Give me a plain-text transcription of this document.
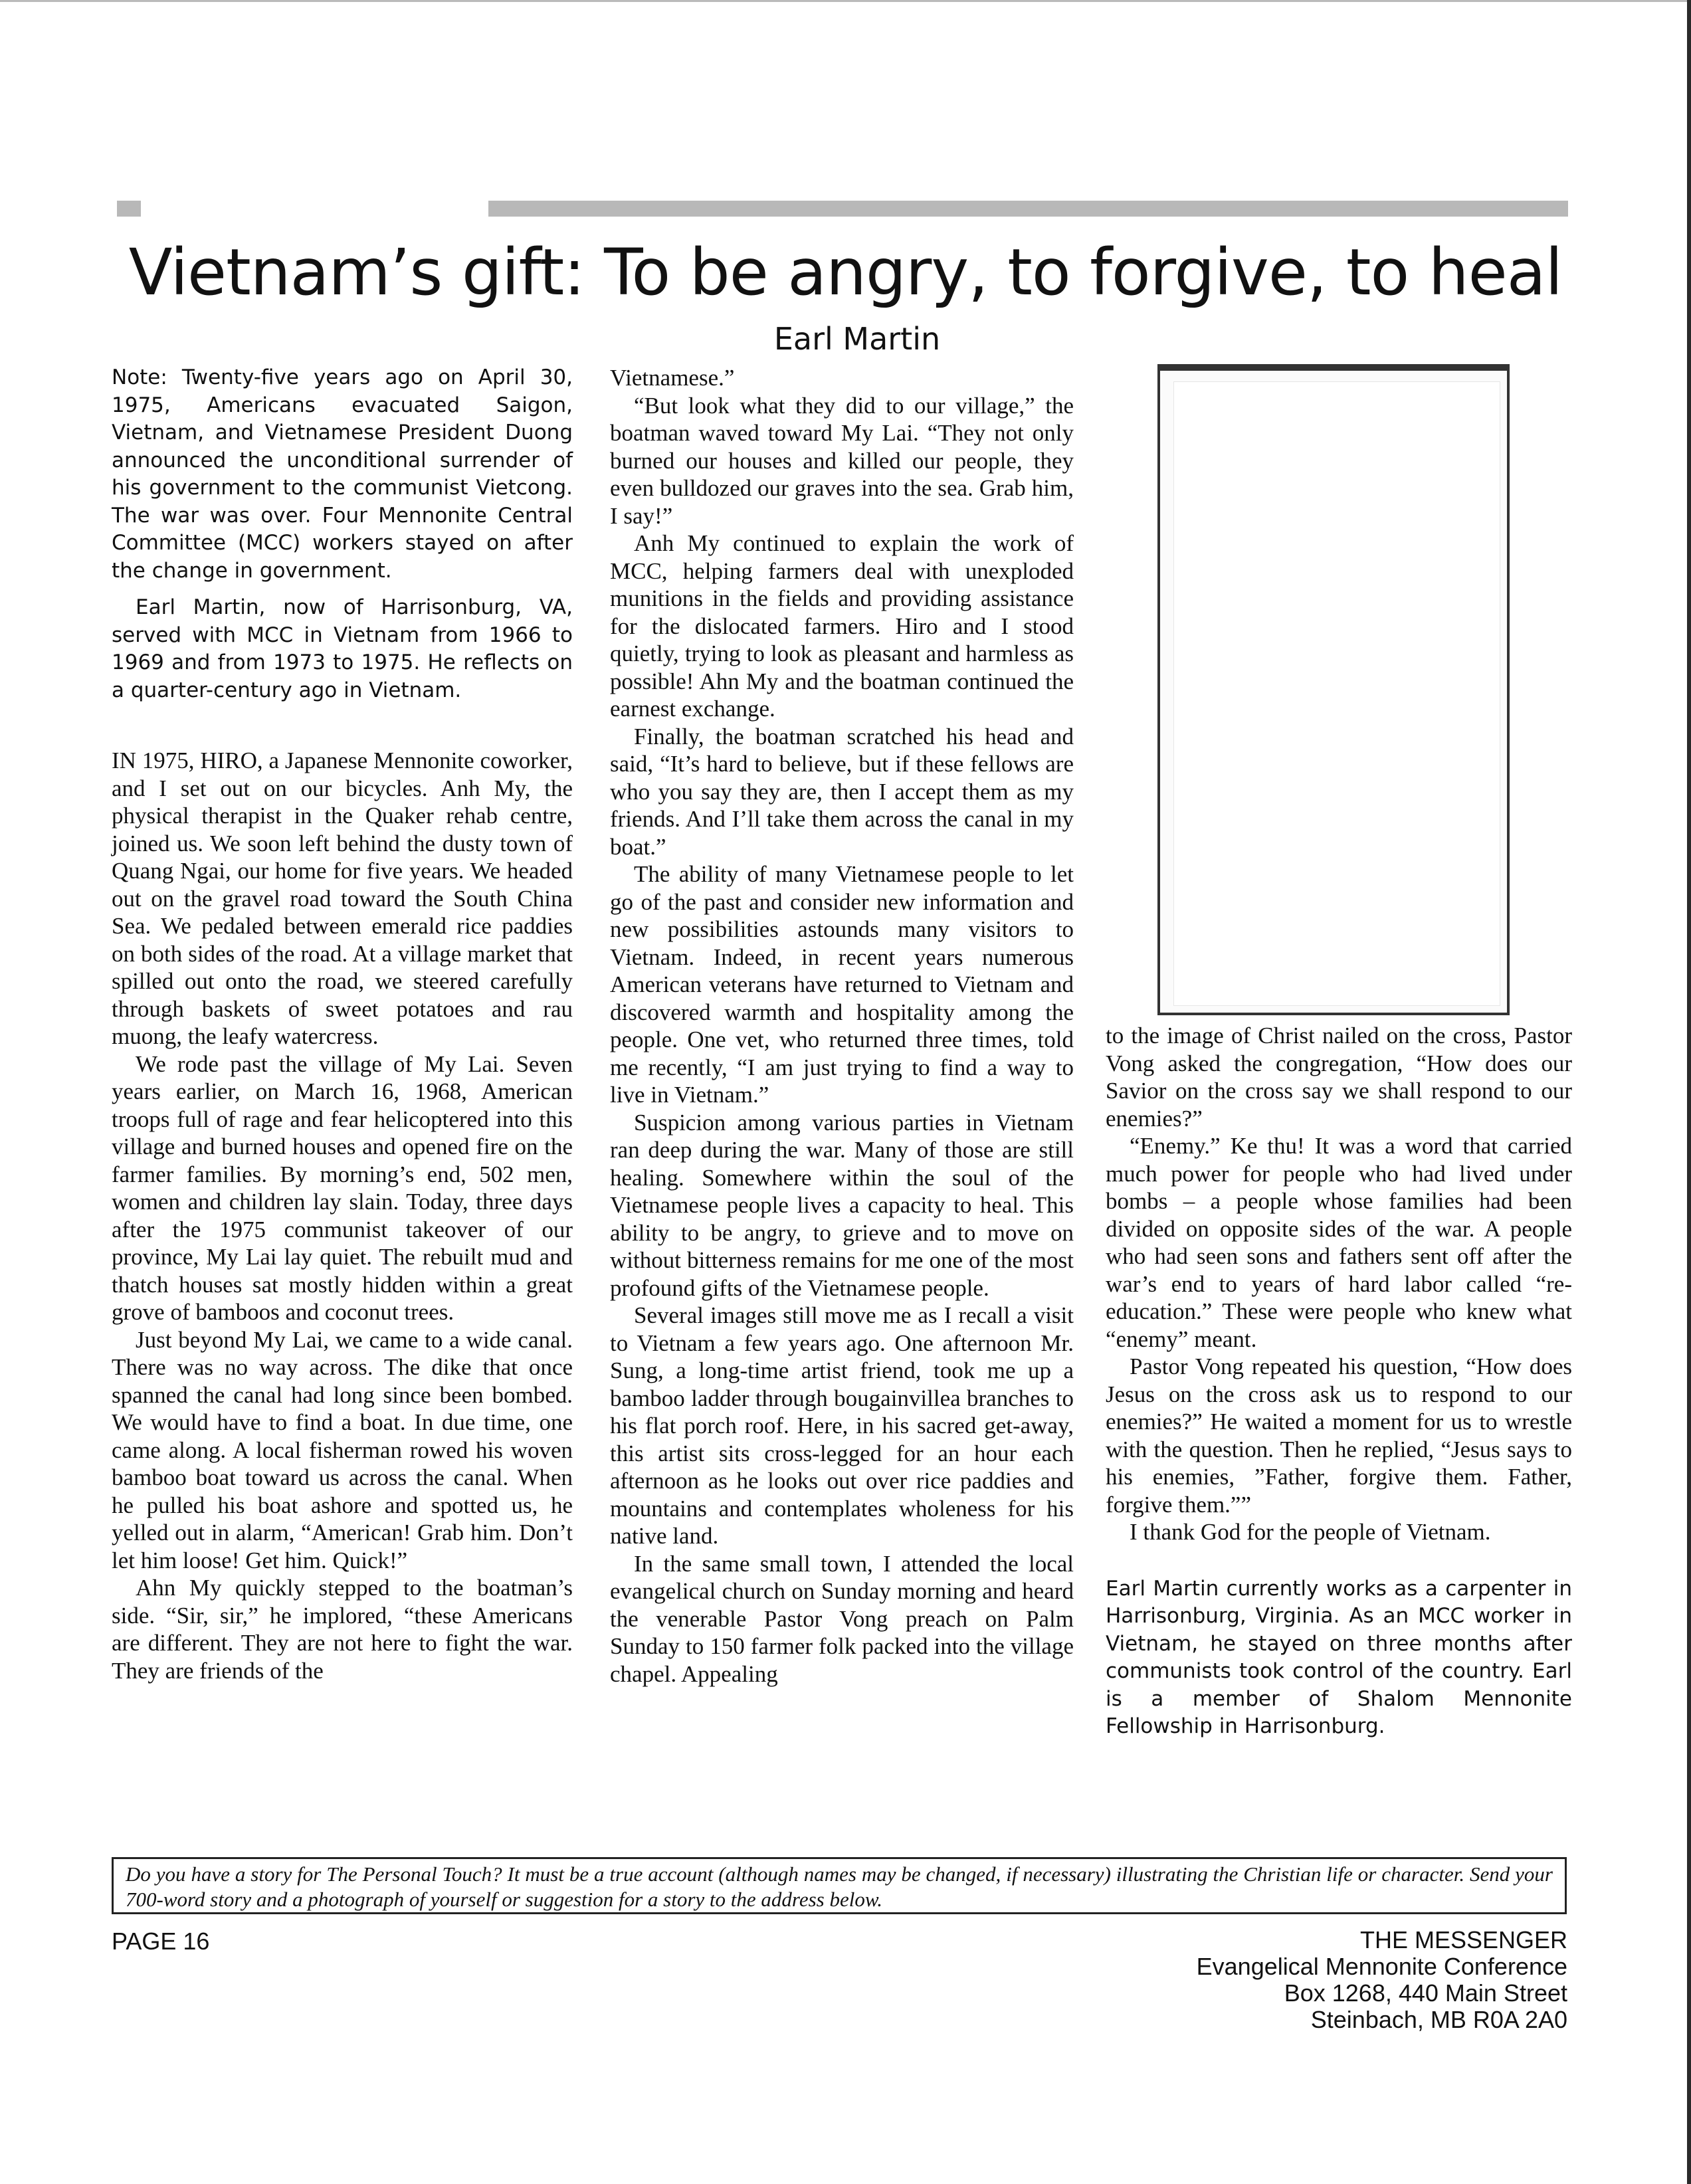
Vietnam’s gift: To be angry, to forgive, to heal
Earl Martin

Note: Twenty-five years ago on April 30, 1975, Americans evacuated Saigon, Vietnam, and Vietnamese President Duong announced the unconditional surrender of his government to the communist Vietcong. The war was over. Four Mennonite Central Committee (MCC) workers stayed on after the change in government.

Earl Martin, now of Harrisonburg, VA, served with MCC in Vietnam from 1966 to 1969 and from 1973 to 1975. He reflects on a quarter-century ago in Vietnam.

IN 1975, HIRO, a Japanese Mennonite coworker, and I set out on our bicycles. Anh My, the physical therapist in the Quaker rehab centre, joined us. We soon left behind the dusty town of Quang Ngai, our home for five years. We headed out on the gravel road toward the South China Sea. We pedaled between emerald rice paddies on both sides of the road. At a village market that spilled out onto the road, we steered carefully through baskets of sweet potatoes and rau muong, the leafy watercress.

We rode past the village of My Lai. Seven years earlier, on March 16, 1968, American troops full of rage and fear helicoptered into this village and burned houses and opened fire on the farmer families. By morning’s end, 502 men, women and children lay slain. Today, three days after the 1975 communist takeover of our province, My Lai lay quiet. The rebuilt mud and thatch houses sat mostly hidden within a great grove of bamboos and coconut trees.

Just beyond My Lai, we came to a wide canal. There was no way across. The dike that once spanned the canal had long since been bombed. We would have to find a boat. In due time, one came along. A local fisherman rowed his woven bamboo boat toward us across the canal. When he pulled his boat ashore and spotted us, he yelled out in alarm, “American! Grab him. Don’t let him loose! Get him. Quick!”

Ahn My quickly stepped to the boatman’s side. “Sir, sir,” he implored, “these Americans are different. They are not here to fight the war. They are friends of the

Vietnamese.”

“But look what they did to our village,” the boatman waved toward My Lai. “They not only burned our houses and killed our people, they even bulldozed our graves into the sea. Grab him, I say!”

Anh My continued to explain the work of MCC, helping farmers deal with unexploded munitions in the fields and providing assistance for the dislocated farmers. Hiro and I stood quietly, trying to look as pleasant and harmless as possible! Ahn My and the boatman continued the earnest exchange.

Finally, the boatman scratched his head and said, “It’s hard to believe, but if these fellows are who you say they are, then I accept them as my friends. And I’ll take them across the canal in my boat.”

The ability of many Vietnamese people to let go of the past and consider new information and new possibilities astounds many visitors to Vietnam. Indeed, in recent years numerous American veterans have returned to Vietnam and discovered warmth and hospitality among the people. One vet, who returned three times, told me recently, “I am just trying to find a way to live in Vietnam.”

Suspicion among various parties in Vietnam ran deep during the war. Many of those are still healing. Somewhere within the soul of the Vietnamese people lives a capacity to heal. This ability to be angry, to grieve and to move on without bitterness remains for me one of the most profound gifts of the Vietnamese people.

Several images still move me as I recall a visit to Vietnam a few years ago. One afternoon Mr. Sung, a long-time artist friend, took me up a bamboo ladder through bougainvillea branches to his flat porch roof. Here, in his sacred get-away, this artist sits cross-legged for an hour each afternoon as he looks out over rice paddies and mountains and contemplates wholeness for his native land.

In the same small town, I attended the local evangelical church on Sunday morning and heard the venerable Pastor Vong preach on Palm Sunday to 150 farmer folk packed into the village chapel. Appealing

to the image of Christ nailed on the cross, Pastor Vong asked the congregation, “How does our Savior on the cross say we shall respond to our enemies?”

“Enemy.” Ke thu! It was a word that carried much power for people who had lived under bombs – a people whose families had been divided on opposite sides of the war. A people who had seen sons and fathers sent off after the war’s end to years of hard labor called “re-education.” These were people who knew what “enemy” meant.

Pastor Vong repeated his question, “How does Jesus on the cross ask us to respond to our enemies?” He waited a moment for us to wrestle with the question. Then he replied, “Jesus says to his enemies, ”Father, forgive them. Father, forgive them.””

I thank God for the people of Vietnam.

Earl Martin currently works as a carpenter in Harrisonburg, Virginia. As an MCC worker in Vietnam, he stayed on three months after communists took control of the country. Earl is a member of Shalom Mennonite Fellowship in Harrisonburg.

Do you have a story for The Personal Touch? It must be a true account (although names may be changed, if necessary) illustrating the Christian life or character. Send your 700-word story and a photograph of yourself or suggestion for a story to the address below.
PAGE 16	THE MESSENGER
Evangelical Mennonite Conference
Box 1268, 440 Main Street
Steinbach, MB R0A 2A0
